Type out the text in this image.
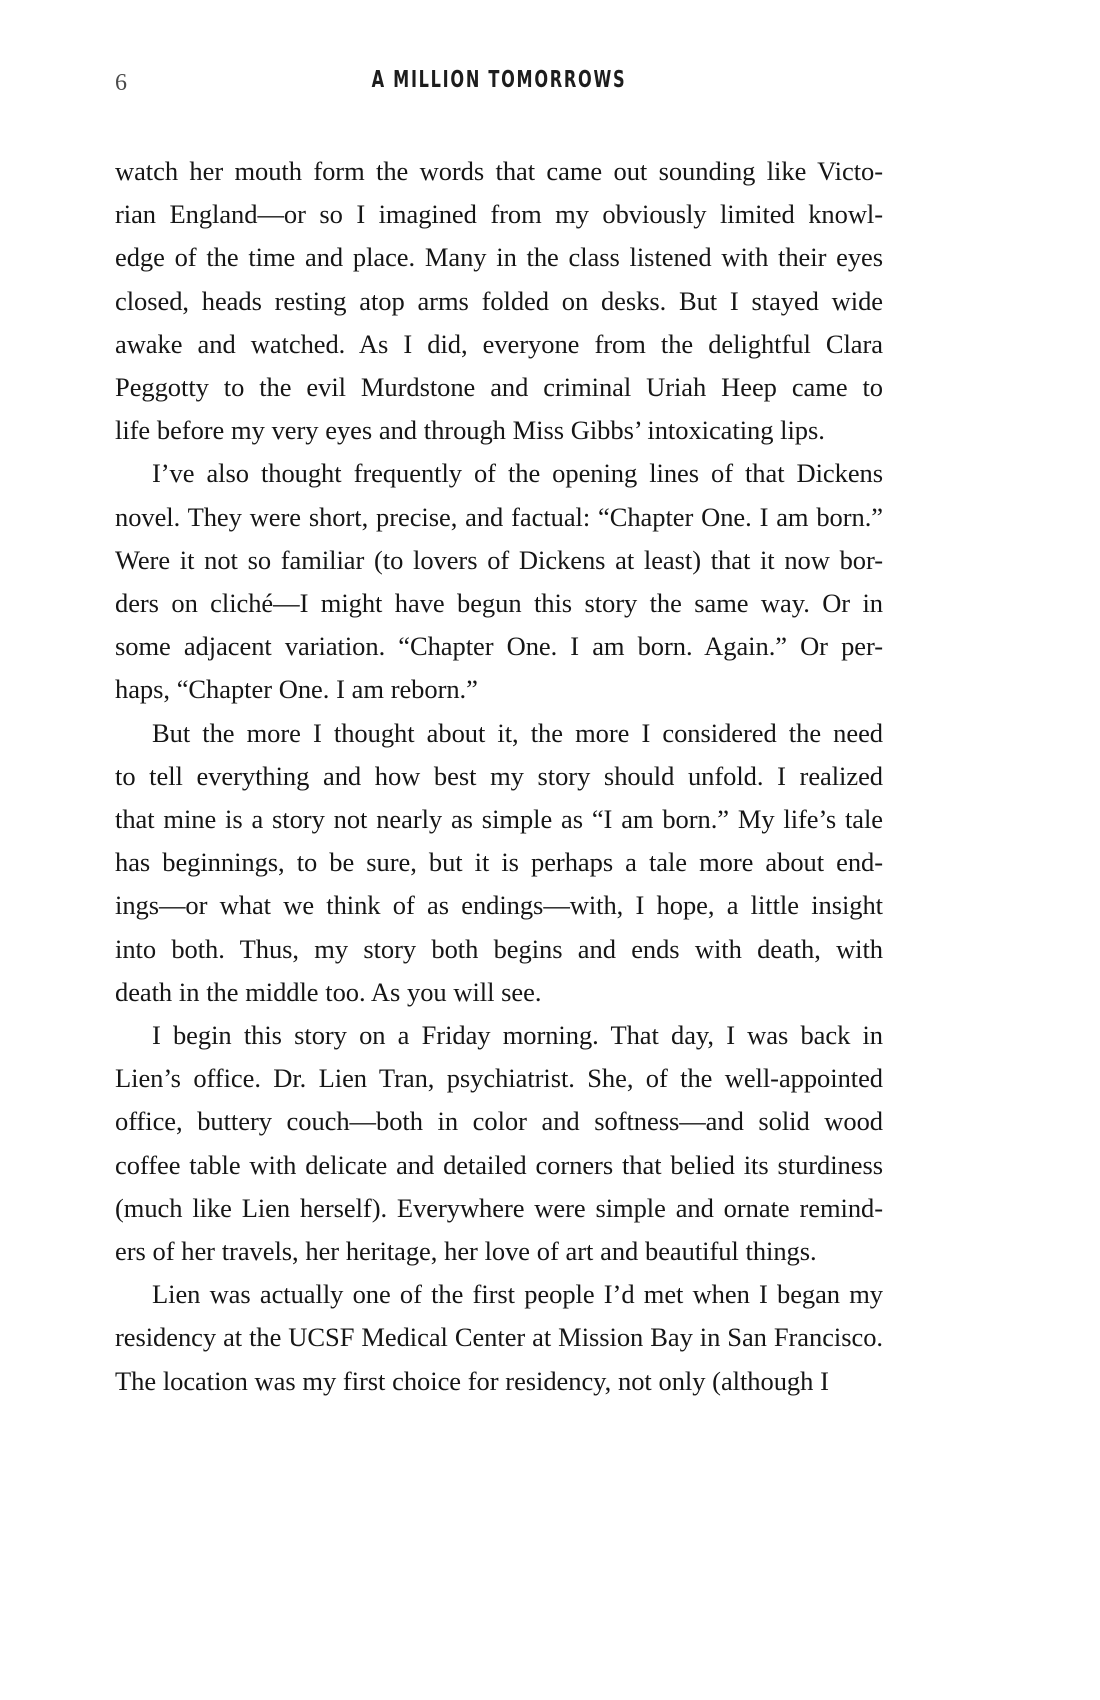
6	A MILLION TOMORROWS

watch her mouth form the words that came out sounding like Victo-
rian England—or so I imagined from my obviously limited knowl-
edge of the time and place. Many in the class listened with their eyes
closed, heads resting atop arms folded on desks. But I stayed wide
awake and watched. As I did, everyone from the delightful Clara
Peggotty to the evil Murdstone and criminal Uriah Heep came to
life before my very eyes and through Miss Gibbs’ intoxicating lips.

I’ve also thought frequently of the opening lines of that Dickens
novel. They were short, precise, and factual: “Chapter One. I am born.”
Were it not so familiar (to lovers of Dickens at least) that it now bor-
ders on cliché—I might have begun this story the same way. Or in
some adjacent variation. “Chapter One. I am born. Again.” Or per-
haps, “Chapter One. I am reborn.”

But the more I thought about it, the more I considered the need
to tell everything and how best my story should unfold. I realized
that mine is a story not nearly as simple as “I am born.” My life’s tale
has beginnings, to be sure, but it is perhaps a tale more about end-
ings—or what we think of as endings—with, I hope, a little insight
into both. Thus, my story both begins and ends with death, with
death in the middle too. As you will see.

I begin this story on a Friday morning. That day, I was back in
Lien’s office. Dr. Lien Tran, psychiatrist. She, of the well-appointed
office, buttery couch—both in color and softness—and solid wood
coffee table with delicate and detailed corners that belied its sturdiness
(much like Lien herself). Everywhere were simple and ornate remind-
ers of her travels, her heritage, her love of art and beautiful things.

Lien was actually one of the first people I’d met when I began my
residency at the UCSF Medical Center at Mission Bay in San Francisco.
The location was my first choice for residency, not only (although I
